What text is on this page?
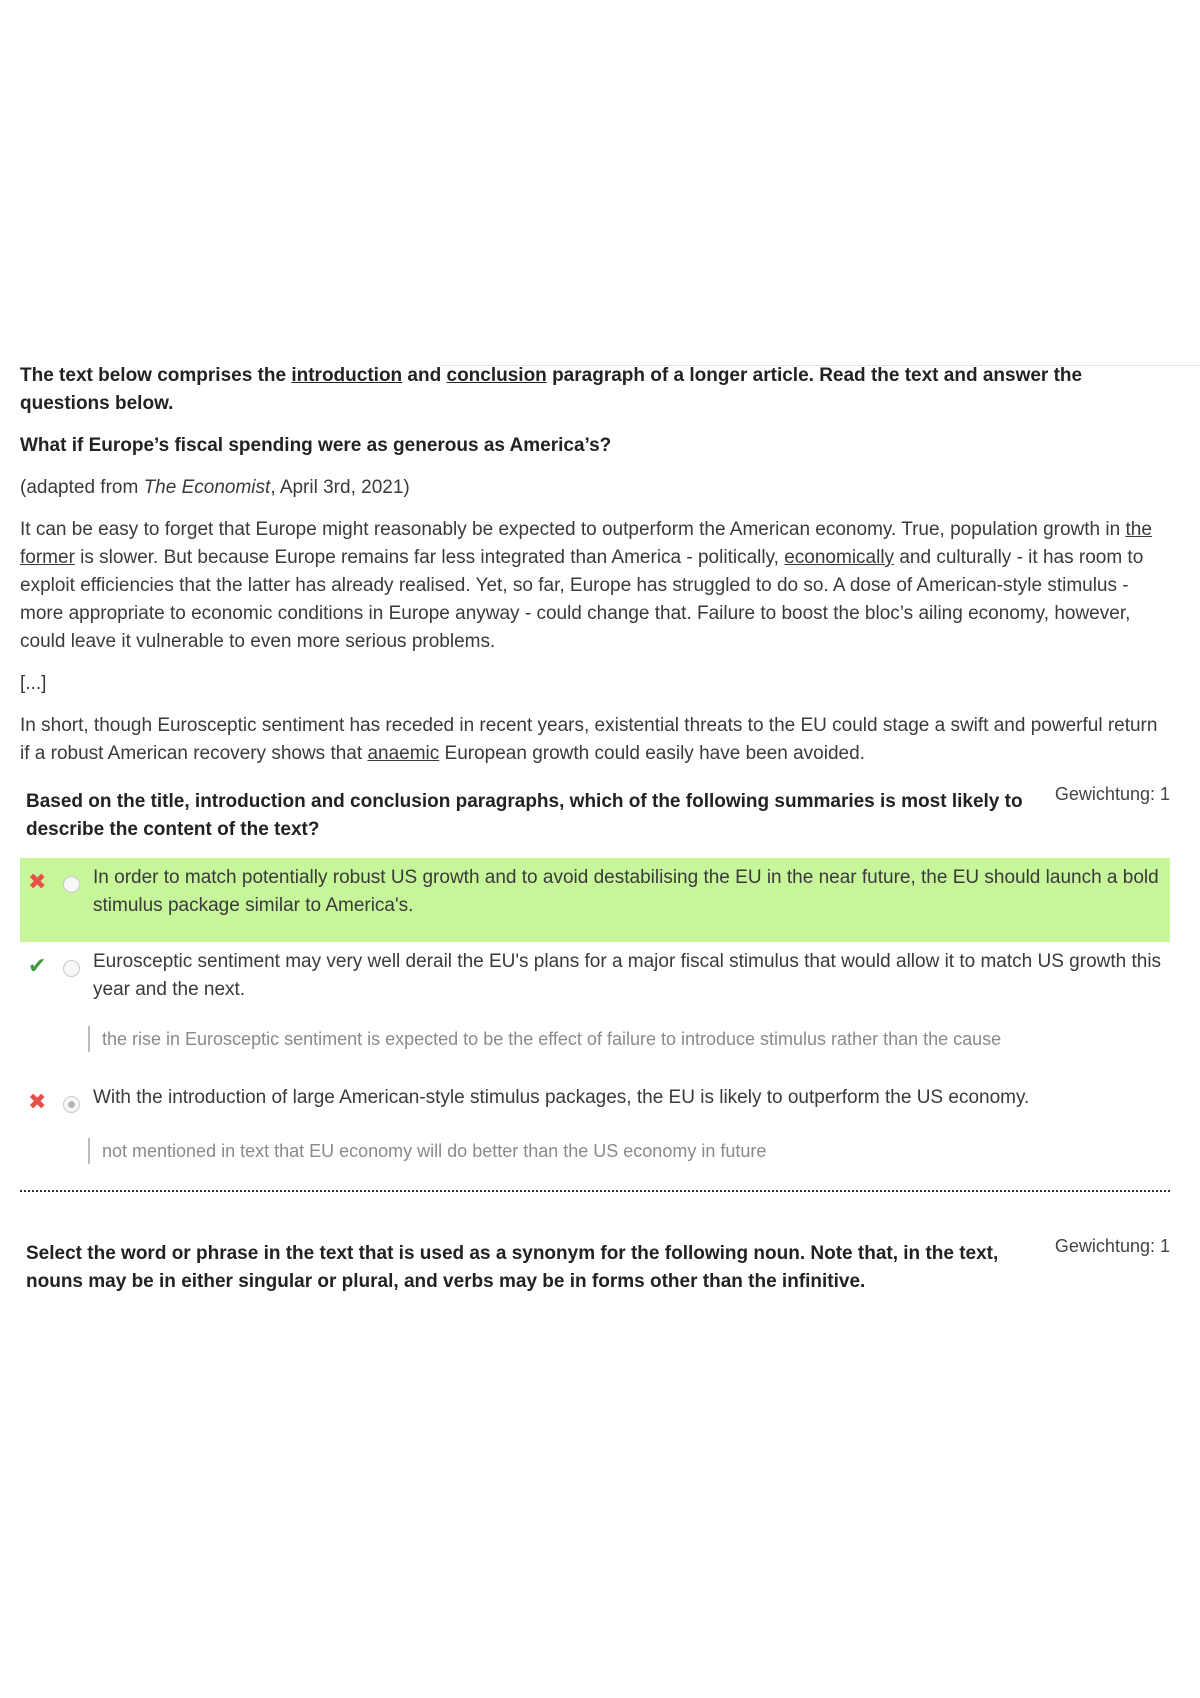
The text below comprises the introduction and conclusion paragraph of a longer article. Read the text and answer the questions below.

What if Europe’s fiscal spending were as generous as America’s?

(adapted from The Economist, April 3rd, 2021)

It can be easy to forget that Europe might reasonably be expected to outperform the American economy. True, population growth in the former is slower. But because Europe remains far less integrated than America - politically, economically and culturally - it has room to exploit efficiencies that the latter has already realised. Yet, so far, Europe has struggled to do so. A dose of American-style stimulus - more appropriate to economic conditions in Europe anyway - could change that. Failure to boost the bloc’s ailing economy, however, could leave it vulnerable to even more serious problems.

[...]

In short, though Eurosceptic sentiment has receded in recent years, existential threats to the EU could stage a swift and powerful return if a robust American recovery shows that anaemic European growth could easily have been avoided.

Based on the title, introduction and conclusion paragraphs, which of the following summaries is most likely to describe the content of the text?
Gewichtung: 1
✖ In order to match potentially robust US growth and to avoid destabilising the EU in the near future, the EU should launch a bold stimulus package similar to America's.
✔ Eurosceptic sentiment may very well derail the EU's plans for a major fiscal stimulus that would allow it to match US growth this year and the next.
the rise in Eurosceptic sentiment is expected to be the effect of failure to introduce stimulus rather than the cause
✖ With the introduction of large American-style stimulus packages, the EU is likely to outperform the US economy.
not mentioned in text that EU economy will do better than the US economy in future
Select the word or phrase in the text that is used as a synonym for the following noun. Note that, in the text, nouns may be in either singular or plural, and verbs may be in forms other than the infinitive.
Gewichtung: 1
